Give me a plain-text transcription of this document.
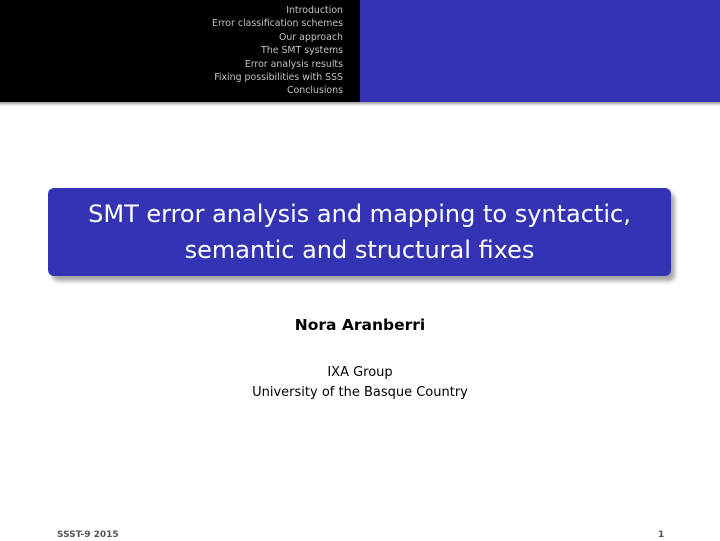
Introduction
Error classification schemes
Our approach
The SMT systems
Error analysis results
Fixing possibilities with SSS
Conclusions
SMT error analysis and mapping to syntactic,
semantic and structural fixes
Nora Aranberri
IXA Group
University of the Basque Country
SSST-9 2015	1
